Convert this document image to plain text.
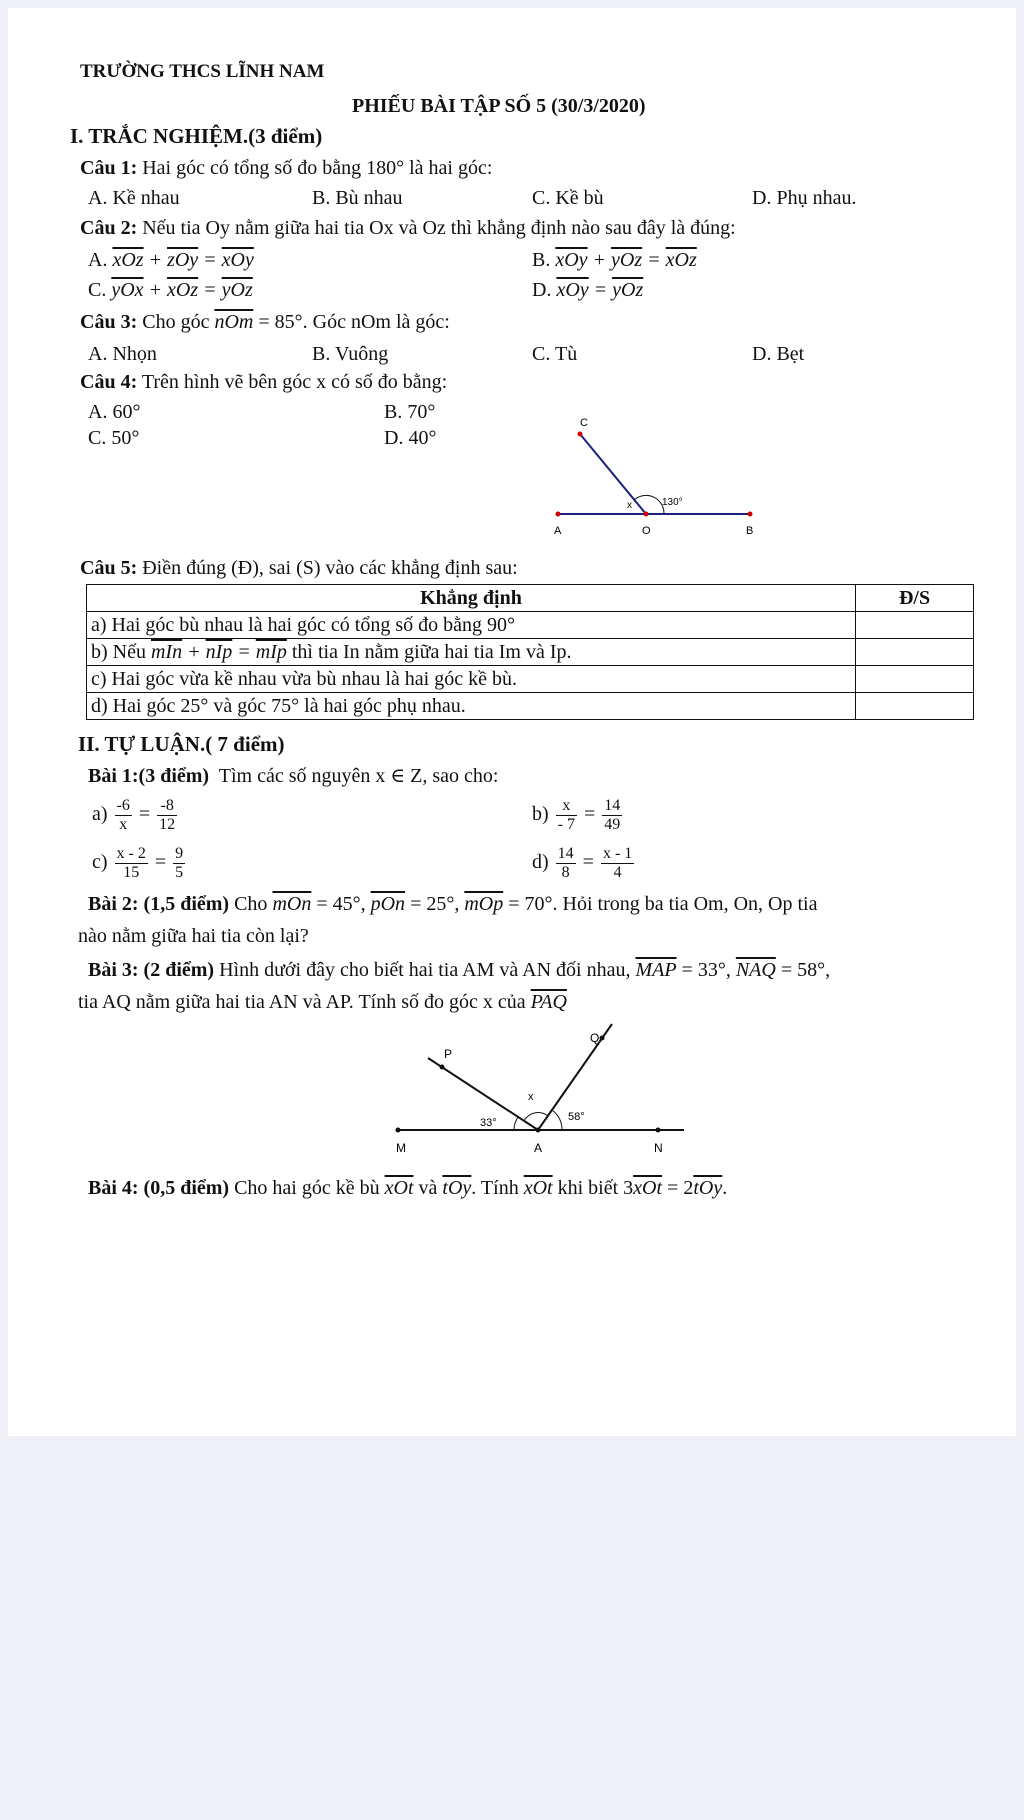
TRƯỜNG THCS LĨNH NAM
PHIẾU BÀI TẬP SỐ 5 (30/3/2020)
I. TRẮC NGHIỆM.(3 điểm)
Câu 1: Hai góc có tổng số đo bằng 180° là hai góc:
A. Kề nhau	B. Bù nhau	C. Kề bù	D. Phụ nhau.
Câu 2: Nếu tia Oy nằm giữa hai tia Ox và Oz thì khẳng định nào sau đây là đúng:
A. $\overline{xOz} + \overline{zOy} = \overline{xOy}$	B. $\overline{xOy} + \overline{yOz} = \overline{xOz}$
C. $\overline{yOx} + \overline{xOz} = \overline{yOz}$	D. $\overline{xOy} = \overline{yOz}$
Câu 3: Cho góc $\overline{nOm} = 85^\circ$. Góc nOm là góc:
A. Nhọn	B. Vuông	C. Tù	D. Bẹt
Câu 4: Trên hình vẽ bên góc x có số đo bằng:
A. 60°	B. 70°
C. 50°	D. 40°
C
A	O	B
x	130°
Câu 5: Điền đúng (Đ), sai (S) vào các khẳng định sau:
Khẳng định	Đ/S
a) Hai góc bù nhau là hai góc có tổng số đo bằng 90°	
b) Nếu $\overline{mIn} + \overline{nIp} = \overline{mIp}$ thì tia In nằm giữa hai tia Im và Ip.	
c) Hai góc vừa kề nhau vừa bù nhau là hai góc kề bù.	
d) Hai góc 25° và góc 75° là hai góc phụ nhau.	
II. TỰ LUẬN.( 7 điểm)
Bài 1:(3 điểm) Tìm các số nguyên x ∈ Z, sao cho:
$a) \frac{-6}{x} = \frac{-8}{12}$	$b) \frac{x}{- 7} = \frac{14}{49}$
$c) \frac{x - 2}{15} = \frac{9}{5}$	$d) \frac{14}{8} = \frac{x - 1}{4}$
Bài 2: (1,5 điểm) Cho $\overline{mOn} = 45^\circ$, $\overline{pOn} = 25^\circ$, $\overline{mOp} = 70^\circ$. Hỏi trong ba tia Om, On, Op tia
nào nằm giữa hai tia còn lại?
Bài 3: (2 điểm) Hình dưới đây cho biết hai tia AM và AN đối nhau, $\overline{MAP} = 33^\circ$, $\overline{NAQ} = 58^\circ$,
tia AQ nằm giữa hai tia AN và AP. Tính số đo góc x của $\overline{PAQ}$
P
Q
M	A	N
x
33°	58°
Bài 4: (0,5 điểm) Cho hai góc kề bù $\overline{xOt}$ và $\overline{tOy}$. Tính $\overline{xOt}$ khi biết $3\overline{xOt} = 2\overline{tOy}$.
